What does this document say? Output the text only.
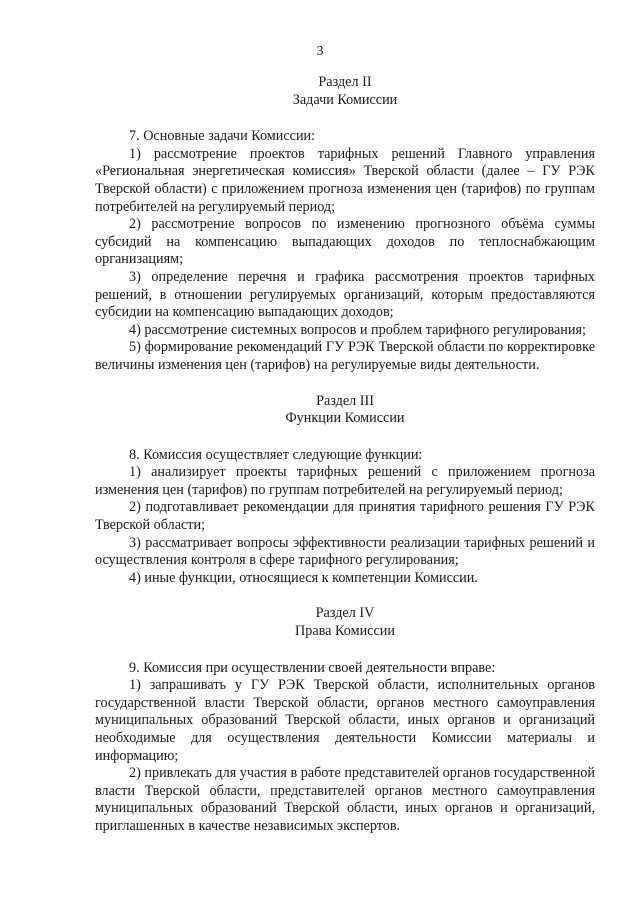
3
Раздел II
Задачи Комиссии

7. Основные задачи Комиссии:

1) рассмотрение проектов тарифных решений Главного управления «Региональная энергетическая комиссия» Тверской области (далее – ГУ РЭК Тверской области) с приложением прогноза изменения цен (тарифов) по группам потребителей на регулируемый период;

2) рассмотрение вопросов по изменению прогнозного объёма суммы субсидий на компенсацию выпадающих доходов по теплоснабжающим организациям;

3) определение перечня и графика рассмотрения проектов тарифных решений, в отношении регулируемых организаций, которым предоставляются субсидии на компенсацию выпадающих доходов;

4) рассмотрение системных вопросов и проблем тарифного регулирования;

5) формирование рекомендаций ГУ РЭК Тверской области по корректировке величины изменения цен (тарифов) на регулируемые виды деятельности.

Раздел III
Функции Комиссии

8. Комиссия осуществляет следующие функции:

1) анализирует проекты тарифных решений с приложением прогноза изменения цен (тарифов) по группам потребителей на регулируемый период;

2) подготавливает рекомендации для принятия тарифного решения ГУ РЭК Тверской области;

3) рассматривает вопросы эффективности реализации тарифных решений и осуществления контроля в сфере тарифного регулирования;

4) иные функции, относящиеся к компетенции Комиссии.

Раздел IV
Права Комиссии

9. Комиссия при осуществлении своей деятельности вправе:

1) запрашивать у ГУ РЭК Тверской области, исполнительных органов государственной власти Тверской области, органов местного самоуправления муниципальных образований Тверской области, иных органов и организаций необходимые для осуществления деятельности Комиссии материалы и информацию;

2) привлекать для участия в работе представителей органов государственной власти Тверской области, представителей органов местного самоуправления муниципальных образований Тверской области, иных органов и организаций, приглашенных в качестве независимых экспертов.
